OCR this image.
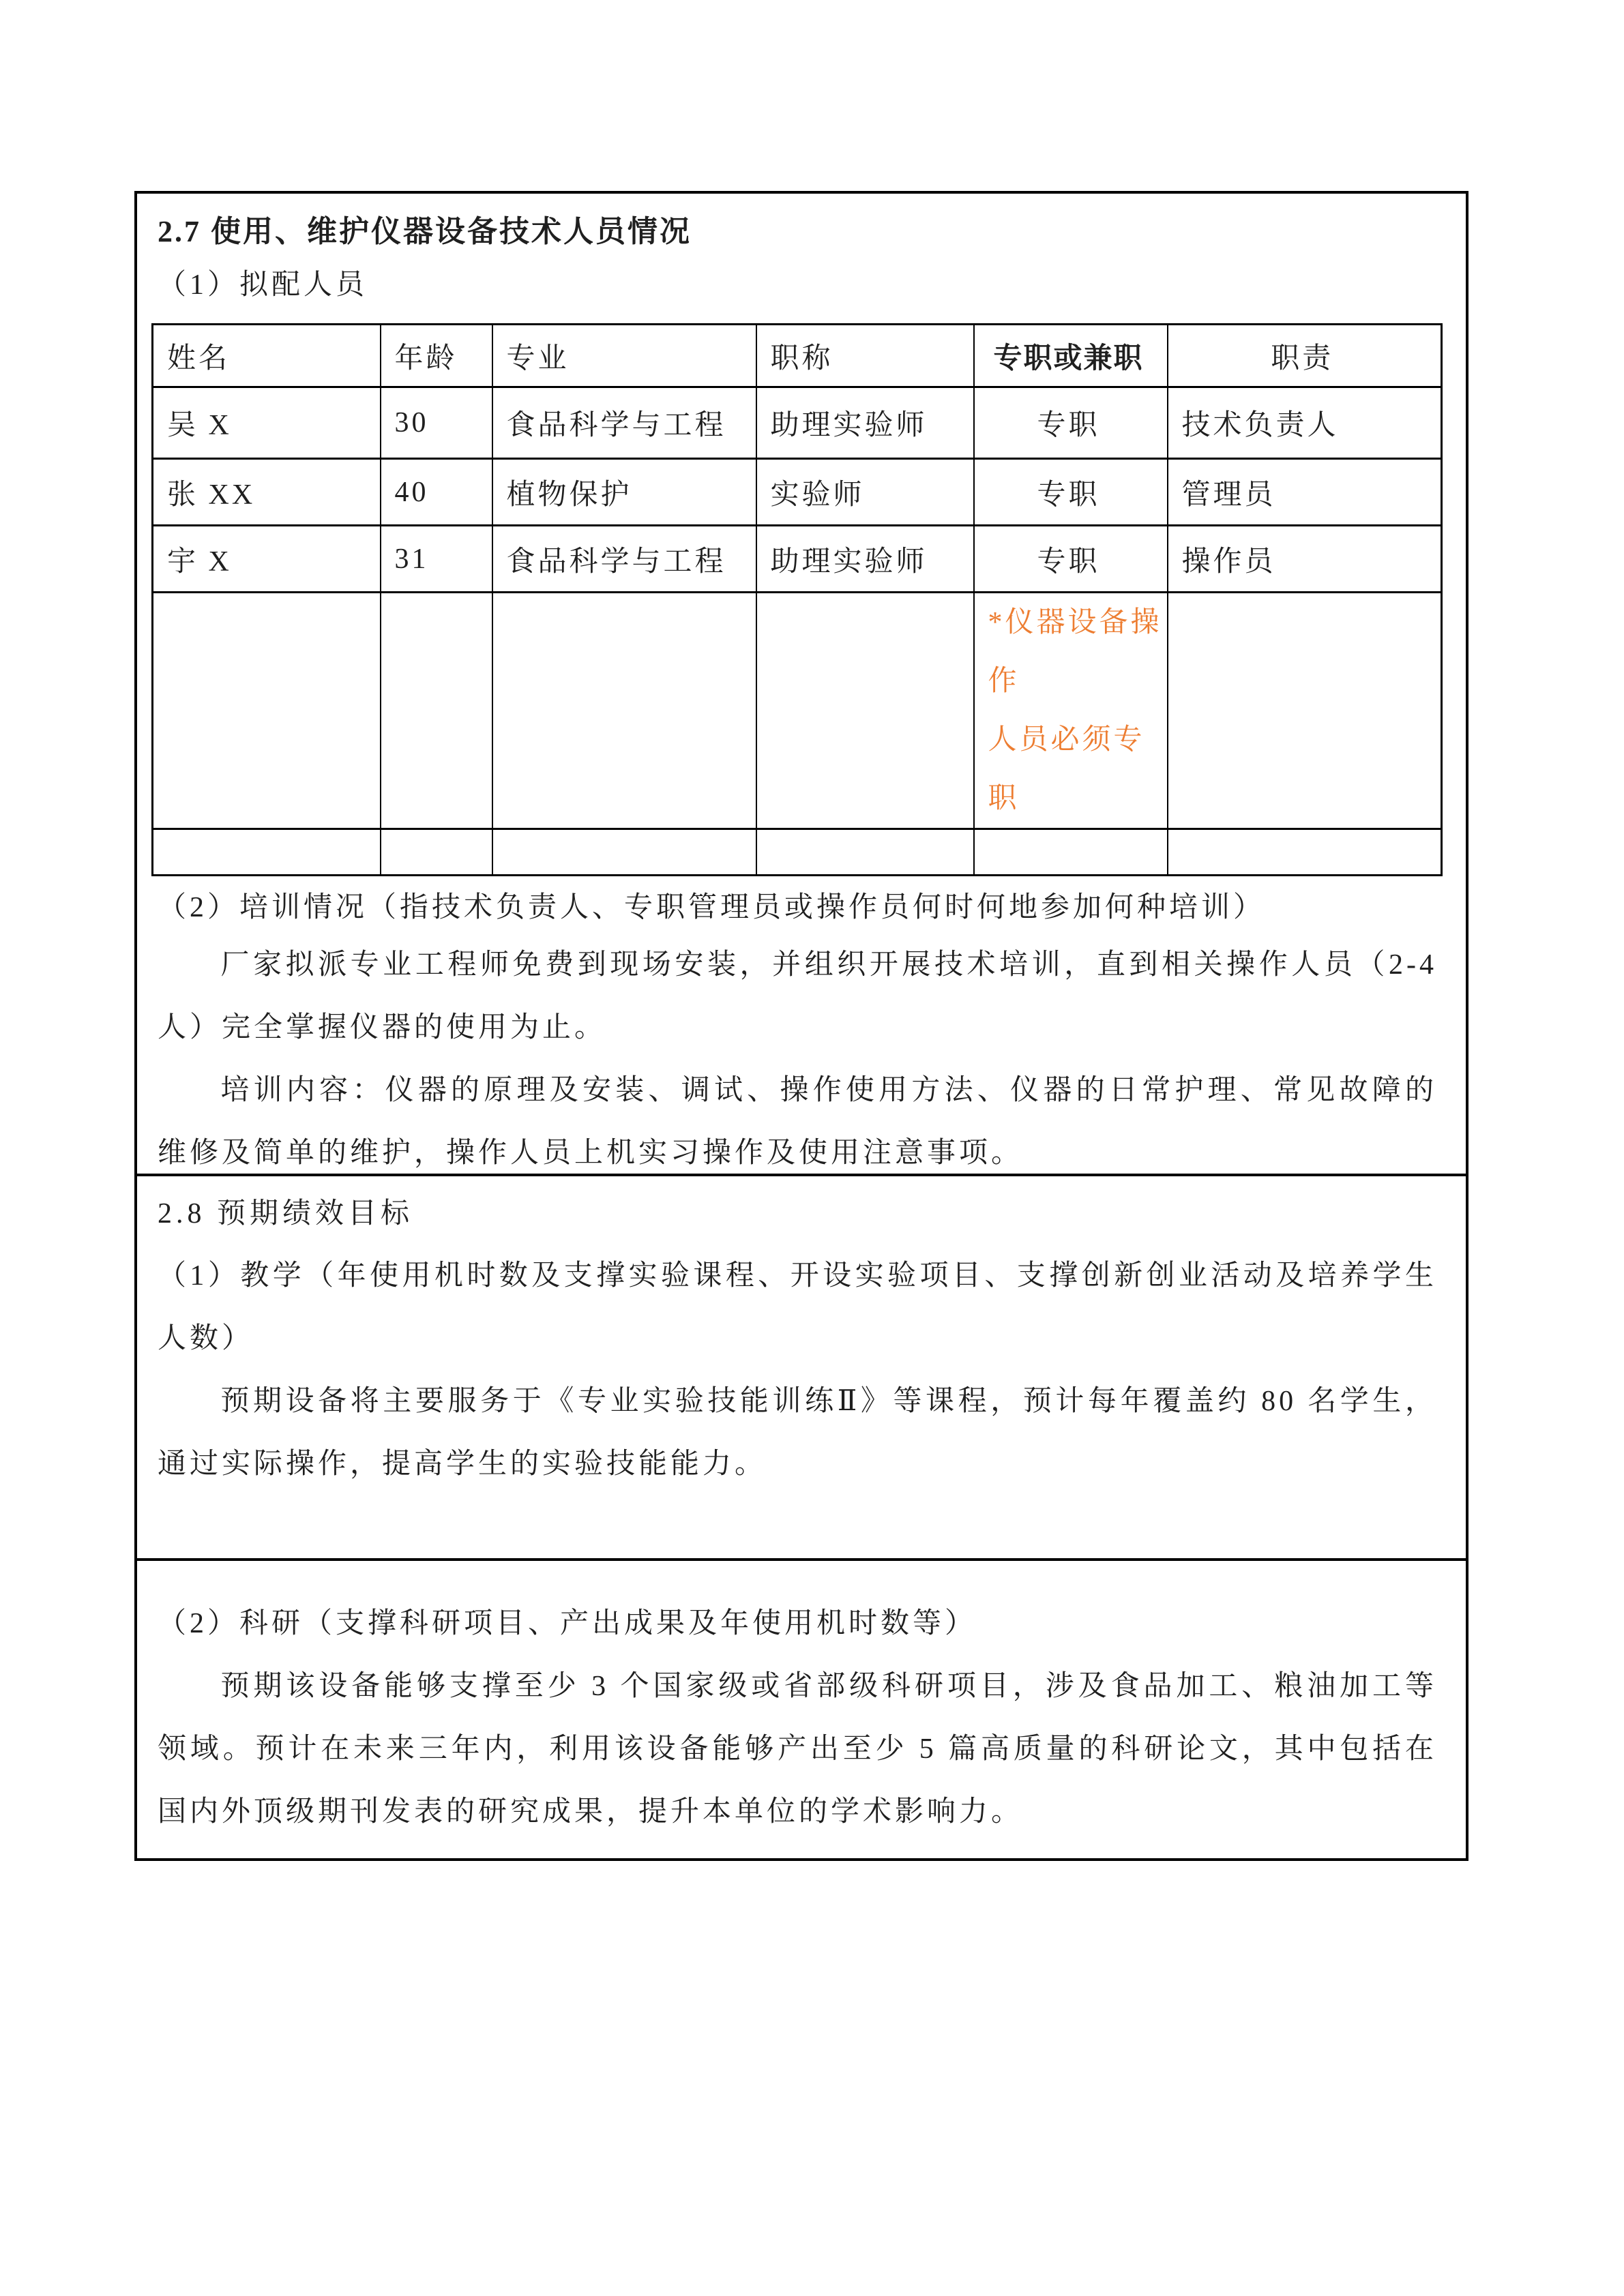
2.7 使用、维护仪器设备技术人员情况
（1）拟配人员
姓名	年龄	专业	职称	专职或兼职	职责
吴 X	30	食品科学与工程	助理实验师	专职	技术负责人
张 XX	40	植物保护	实验师	专职	管理员
宇 X	31	食品科学与工程	助理实验师	专职	操作员

				*仪器设备操作
人员必须专职	

（2）培训情况（指技术负责人、专职管理员或操作员何时何地参加何种培训）

厂家拟派专业工程师免费到现场安装，并组织开展技术培训，直到相关操作人员（2-4人）完全掌握仪器的使用为止。

培训内容：仪器的原理及安装、调试、操作使用方法、仪器的日常护理、常见故障的维修及简单的维护，操作人员上机实习操作及使用注意事项。

2.8 预期绩效目标
（1）教学（年使用机时数及支撑实验课程、开设实验项目、支撑创新创业活动及培养学生人数）

预期设备将主要服务于《专业实验技能训练Ⅱ》等课程，预计每年覆盖约 80 名学生，通过实际操作，提高学生的实验技能能力。

（2）科研（支撑科研项目、产出成果及年使用机时数等）

预期该设备能够支撑至少 3 个国家级或省部级科研项目，涉及食品加工、粮油加工等领域。预计在未来三年内，利用该设备能够产出至少 5 篇高质量的科研论文，其中包括在国内外顶级期刊发表的研究成果，提升本单位的学术影响力。
